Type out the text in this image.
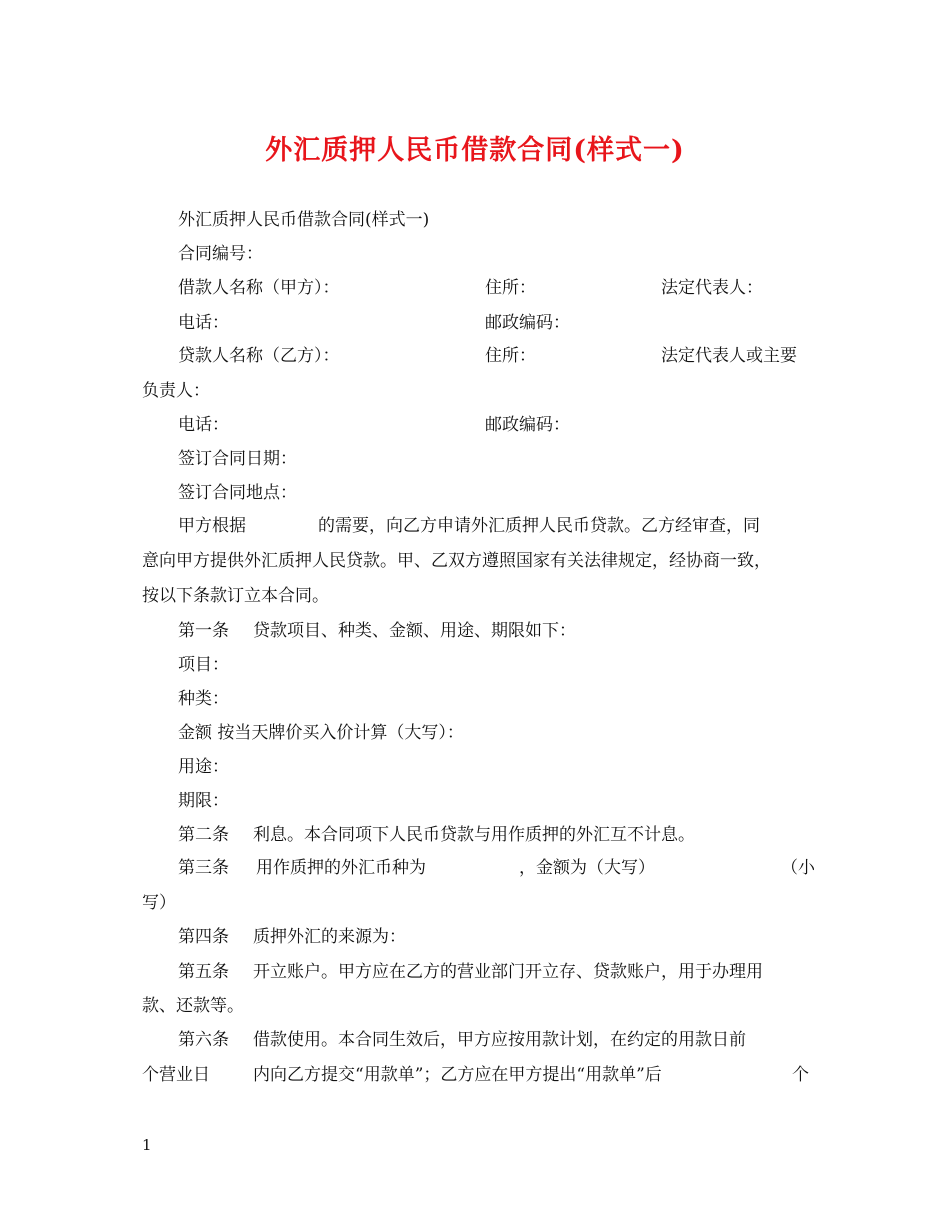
外汇质押人民币借款合同(样式一)
外汇质押人民币借款合同(样式一)
合同编号：
借款人名称（甲方）：	住所：	法定代表人：
电话：	邮政编码：
贷款人名称（乙方）：	住所：	法定代表人或主要
负责人：
电话：	邮政编码：
签订合同日期：
签订合同地点：
甲方根据	的需要，向乙方申请外汇质押人民币贷款。乙方经审查，同
意向甲方提供外汇质押人民贷款。甲、乙双方遵照国家有关法律规定，经协商一致，
按以下条款订立本合同。
第一条 贷款项目、种类、金额、用途、期限如下：
项目：
种类：
金额 按当天牌价买入价计算（大写）：
用途：
期限：
第二条 利息。本合同项下人民币贷款与用作质押的外汇互不计息。
第三条 用作质押的外汇币种为	，金额为（大写）	（小
写）
第四条 质押外汇的来源为：
第五条 开立账户。甲方应在乙方的营业部门开立存、贷款账户，用于办理用
款、还款等。
第六条 借款使用。本合同生效后，甲方应按用款计划，在约定的用款日前
个营业日	内向乙方提交“用款单”；乙方应在甲方提出“用款单”后	个
1
